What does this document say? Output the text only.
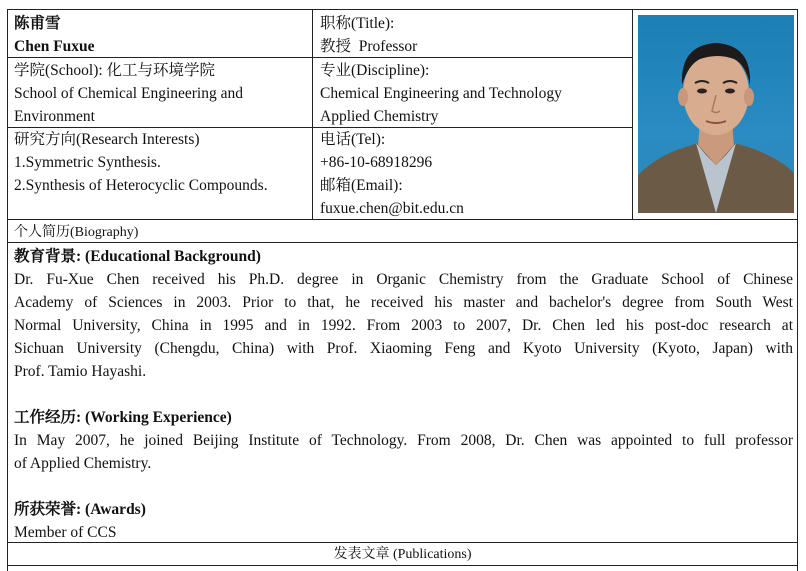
陈甫雪
Chen Fuxue
职称(Title):
教授  Professor
学院(School): 化工与环境学院
School of Chemical Engineering and
Environment
专业(Discipline):
Chemical Engineering and Technology
Applied Chemistry
研究方向(Research Interests)
1.Symmetric Synthesis.
2.Synthesis of Heterocyclic Compounds.
电话(Tel):
+86-10-68918296
邮箱(Email):
fuxue.chen@bit.edu.cn
个人简历(Biography)
教育背景: (Educational Background)
Dr. Fu-Xue Chen received his Ph.D. degree in Organic Chemistry from the Graduate School of Chinese
Academy of Sciences in 2003. Prior to that, he received his master and bachelor's degree from South West
Normal University, China in 1995 and in 1992. From 2003 to 2007, Dr. Chen led his post-doc research at
Sichuan University (Chengdu, China) with Prof. Xiaoming Feng and Kyoto University (Kyoto, Japan) with
Prof. Tamio Hayashi.
工作经历: (Working Experience)
In May 2007, he joined Beijing Institute of Technology. From 2008, Dr. Chen was appointed to full professor
of Applied Chemistry.
所获荣誉: (Awards)
Member of CCS
发表文章 (Publications)
